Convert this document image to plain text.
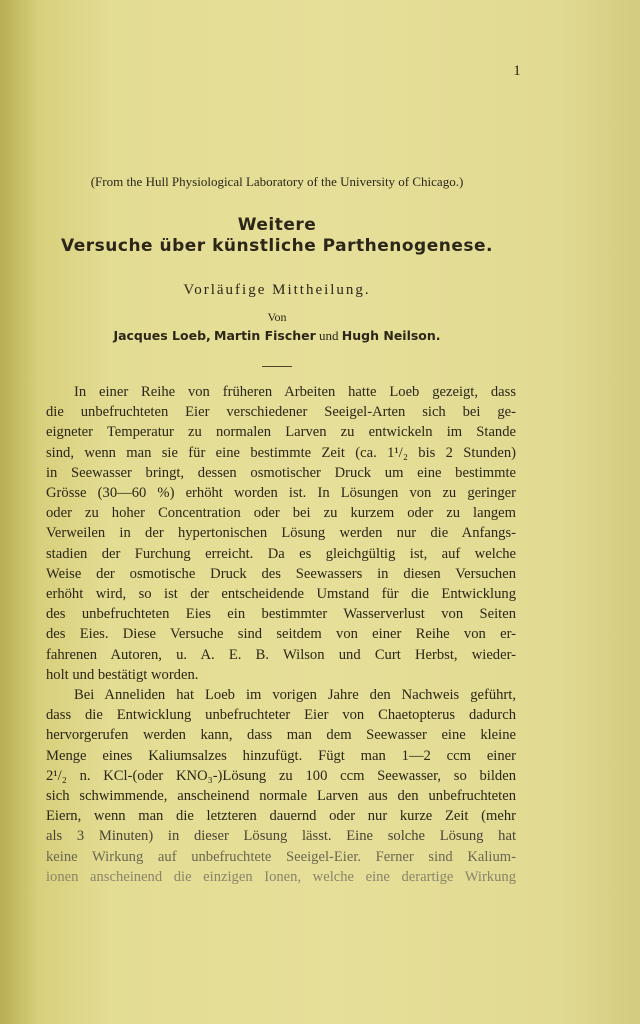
1
(From the Hull Physiological Laboratory of the University of Chicago.)
Weitere
Versuche über künstliche Parthenogenese.
Vorläufige Mittheilung.
Von
Jacques Loeb, Martin Fischer und Hugh Neilson.
In einer Reihe von früheren Arbeiten hatte Loeb gezeigt, dass
die unbefruchteten Eier verschiedener Seeigel-Arten sich bei ge-
eigneter Temperatur zu normalen Larven zu entwickeln im Stande
sind, wenn man sie für eine bestimmte Zeit (ca. 1¹/₂ bis 2 Stunden)
in Seewasser bringt, dessen osmotischer Druck um eine bestimmte
Grösse (30—60 %) erhöht worden ist. In Lösungen von zu geringer
oder zu hoher Concentration oder bei zu kurzem oder zu langem
Verweilen in der hypertonischen Lösung werden nur die Anfangs-
stadien der Furchung erreicht. Da es gleichgültig ist, auf welche
Weise der osmotische Druck des Seewassers in diesen Versuchen
erhöht wird, so ist der entscheidende Umstand für die Entwicklung
des unbefruchteten Eies ein bestimmter Wasserverlust von Seiten
des Eies. Diese Versuche sind seitdem von einer Reihe von er-
fahrenen Autoren, u. A. E. B. Wilson und Curt Herbst, wieder-
holt und bestätigt worden.
Bei Anneliden hat Loeb im vorigen Jahre den Nachweis geführt,
dass die Entwicklung unbefruchteter Eier von Chaetopterus dadurch
hervorgerufen werden kann, dass man dem Seewasser eine kleine
Menge eines Kaliumsalzes hinzufügt. Fügt man 1—2 ccm einer
2¹/₂ n. KCl-(oder KNO₃-)Lösung zu 100 ccm Seewasser, so bilden
sich schwimmende, anscheinend normale Larven aus den unbefruchteten
Eiern, wenn man die letzteren dauernd oder nur kurze Zeit (mehr
als 3 Minuten) in dieser Lösung lässt. Eine solche Lösung hat
keine Wirkung auf unbefruchtete Seeigel-Eier. Ferner sind Kalium-
ionen anscheinend die einzigen Ionen, welche eine derartige Wirkung
